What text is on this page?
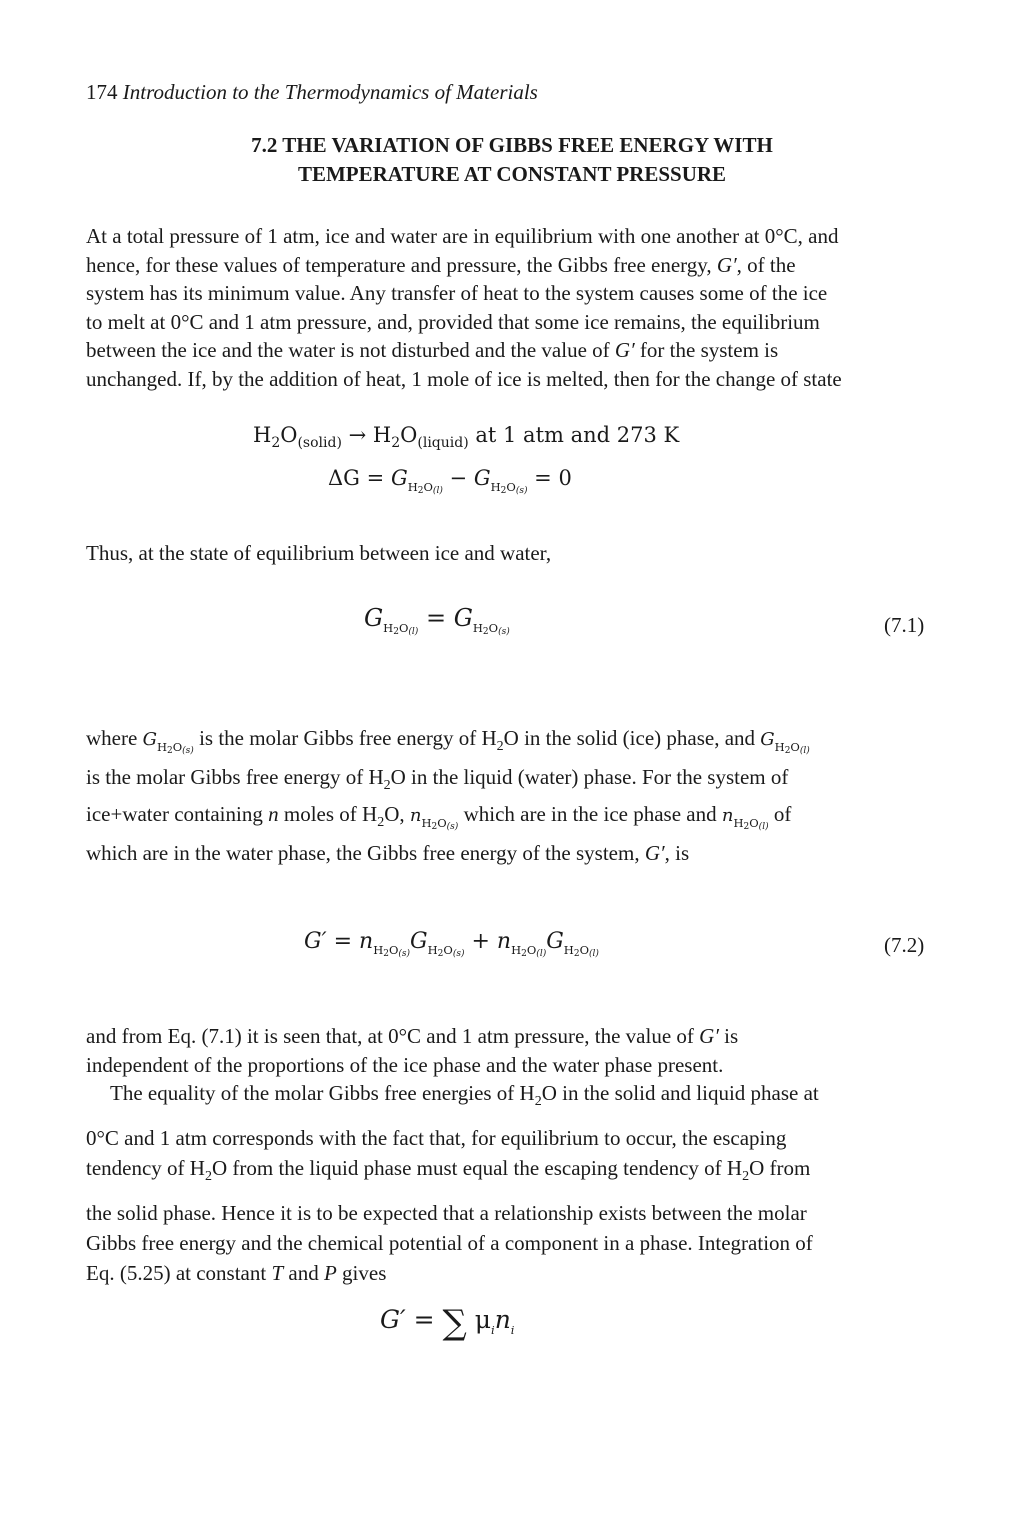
174 Introduction to the Thermodynamics of Materials
7.2 THE VARIATION OF GIBBS FREE ENERGY WITH
TEMPERATURE AT CONSTANT PRESSURE

At a total pressure of 1 atm, ice and water are in equilibrium with one another at 0°C, and
hence, for these values of temperature and pressure, the Gibbs free energy, G′, of the
system has its minimum value. Any transfer of heat to the system causes some of the ice
to melt at 0°C and 1 atm pressure, and, provided that some ice remains, the equilibrium
between the ice and the water is not disturbed and the value of G′ for the system is
unchanged. If, by the addition of heat, 1 mole of ice is melted, then for the change of state

$H_2O_{(solid)} \to H_2O_{(liquid)}$ at 1 atm and 273 K
$\Delta G = G_{H2O(l)} - G_{H2O(s)} = 0$

Thus, at the state of equilibrium between ice and water,

$G_{H2O(l)} = G_{H2O(s)}$	(7.1)

where $G_{H2O(s)}$ is the molar Gibbs free energy of $H_2O$ in the solid (ice) phase, and $G_{H2O(l)}$
is the molar Gibbs free energy of $H_2O$ in the liquid (water) phase. For the system of
ice+water containing n moles of $H_2O$, $n_{H2O(s)}$ which are in the ice phase and $n_{H2O(l)}$ of
which are in the water phase, the Gibbs free energy of the system, G′, is

$G' = n_{H2O(s)}G_{H2O(s)} + n_{H2O(l)}G_{H2O(l)}$	(7.2)

and from Eq. (7.1) it is seen that, at 0°C and 1 atm pressure, the value of G′ is
independent of the proportions of the ice phase and the water phase present.

The equality of the molar Gibbs free energies of $H_2O$ in the solid and liquid phase at
0°C and 1 atm corresponds with the fact that, for equilibrium to occur, the escaping
tendency of $H_2O$ from the liquid phase must equal the escaping tendency of $H_2O$ from
the solid phase. Hence it is to be expected that a relationship exists between the molar
Gibbs free energy and the chemical potential of a component in a phase. Integration of
Eq. (5.25) at constant T and P gives

G′ = ∑ $\mu_in_i$
